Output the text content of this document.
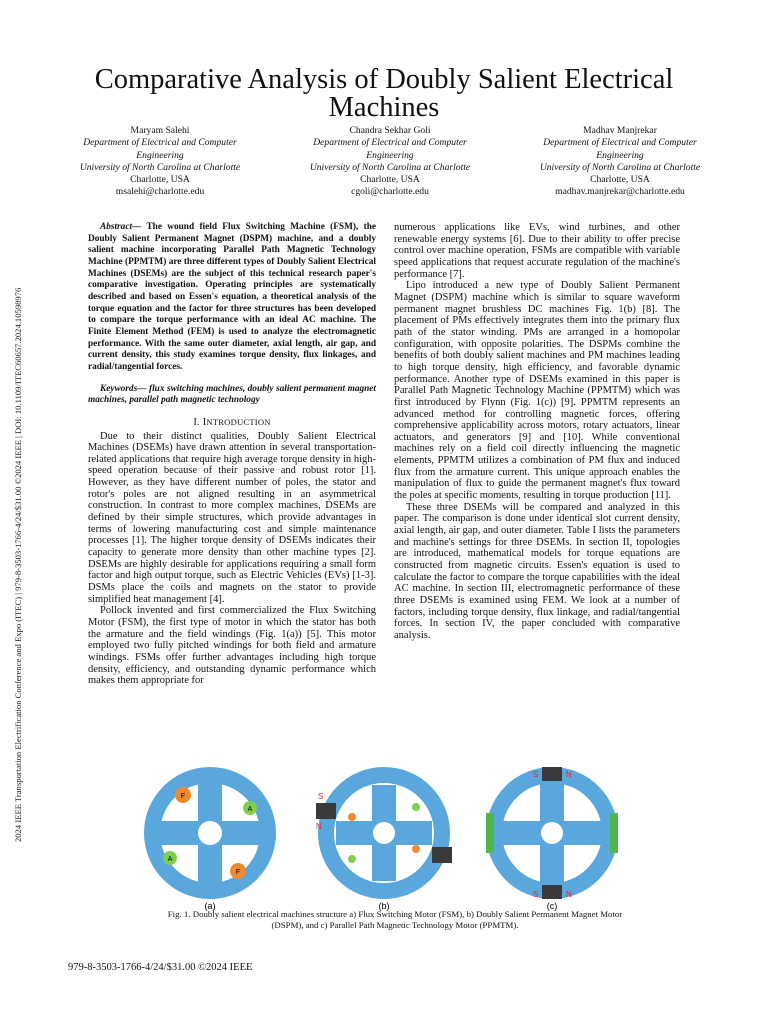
2024 IEEE Transportation Electrification Conference and Expo (ITEC) | 979-8-3503-1766-4/24/$31.00 ©2024 IEEE | DOI: 10.1109/ITEC60657.2024.10598976
Comparative Analysis of Doubly Salient Electrical Machines
Maryam Salehi
Department of Electrical and Computer Engineering
University of North Carolina at Charlotte
Charlotte, USA
msalehi@charlotte.edu
Chandra Sekhar Goli
Department of Electrical and Computer Engineering
University of North Carolina at Charlotte
Charlotte, USA
cgoli@charlotte.edu
Madhav Manjrekar
Department of Electrical and Computer Engineering
University of North Carolina at Charlotte
Charlotte, USA
madhav.manjrekar@charlotte.edu

Abstract— The wound field Flux Switching Machine (FSM), the Doubly Salient Permanent Magnet (DSPM) machine, and a doubly salient machine incorporating Parallel Path Magnetic Technology Machine (PPMTM) are three different types of Doubly Salient Electrical Machines (DSEMs) are the subject of this technical research paper's comparative investigation. Operating principles are systematically described and based on Essen's equation, a theoretical analysis of the torque equation and the factor for three structures has been developed to compare the torque performance with an ideal AC machine. The Finite Element Method (FEM) is used to analyze the electromagnetic performance. With the same outer diameter, axial length, air gap, and current density, this study examines torque density, flux linkages, and radial/tangential forces.

Keywords— flux switching machines, doubly salient permanent magnet machines, parallel path magnetic technology

I. INTRODUCTION

Due to their distinct qualities, Doubly Salient Electrical Machines (DSEMs) have drawn attention in several transportation-related applications that require high average torque density in high-speed operation because of their passive and robust rotor [1]. However, as they have different number of poles, the stator and rotor's poles are not aligned resulting in an asymmetrical construction. In contrast to more complex machines, DSEMs are defined by their simple structures, which provide advantages in terms of lowering manufacturing cost and simple maintenance processes [1]. The higher torque density of DSEMs indicates their capacity to generate more density than other machine types [2]. DSEMs are highly desirable for applications requiring a small form factor and high output torque, such as Electric Vehicles (EVs) [1-3]. DSMs place the coils and magnets on the stator to provide simplified heat management [4].

Pollock invented and first commercialized the Flux Switching Motor (FSM), the first type of motor in which the stator has both the armature and the field windings (Fig. 1(a)) [5]. This motor employed two fully pitched windings for both field and armature windings. FSMs offer further advantages including high torque density, efficiency, and outstanding dynamic performance which makes them appropriate for

numerous applications like EVs, wind turbines, and other renewable energy systems [6]. Due to their ability to offer precise control over machine operation, FSMs are compatible with variable speed applications that request accurate regulation of the machine's performance [7].

Lipo introduced a new type of Doubly Salient Permanent Magnet (DSPM) machine which is similar to square waveform permanent magnet brushless DC machines Fig. 1(b) [8]. The placement of PMs effectively integrates them into the primary flux path of the stator winding. PMs are arranged in a homopolar configuration, with opposite polarities. The DSPMs combine the benefits of both doubly salient machines and PM machines leading to high torque density, high efficiency, and favorable dynamic performance. Another type of DSEMs examined in this paper is Parallel Path Magnetic Technology Machine (PPMTM) which was first introduced by Flynn (Fig. 1(c)) [9]. PPMTM represents an advanced method for controlling magnetic forces, offering comprehensive applicability across motors, rotary actuators, linear actuators, and generators [9] and [10]. While conventional machines rely on a field coil directly influencing the magnetic elements, PPMTM utilizes a combination of PM flux and induced flux from the armature current. This unique approach enables the manipulation of flux to guide the permanent magnet's flux toward the poles at specific moments, resulting in torque production [11].

These three DSEMs will be compared and analyzed in this paper. The comparison is done under identical slot current density, axial length, air gap, and outer diameter. Table I lists the parameters and machine's settings for three DSEMs. In section II, topologies are introduced, mathematical models for torque equations are constructed from magnetic circuits. Essen's equation is used to calculate the factor to compare the torque capabilities with the ideal AC machine. In section III, electromagnetic performance of these three DSEMs is examined using FEM. We look at a number of factors, including torque density, flux linkage, and radial/tangential forces. In section IV, the paper concluded with comparative analysis.

F
F
A
A
(a)
S
N
(b)
S	N
S	N
(c)
Fig. 1. Doubly salient electrical machines structure a) Flux Switching Motor (FSM), b) Doubly Salient Permanent Magnet Motor (DSPM), and c) Parallel Path Magnetic Technology Motor (PPMTM).
979-8-3503-1766-4/24/$31.00 ©2024 IEEE
